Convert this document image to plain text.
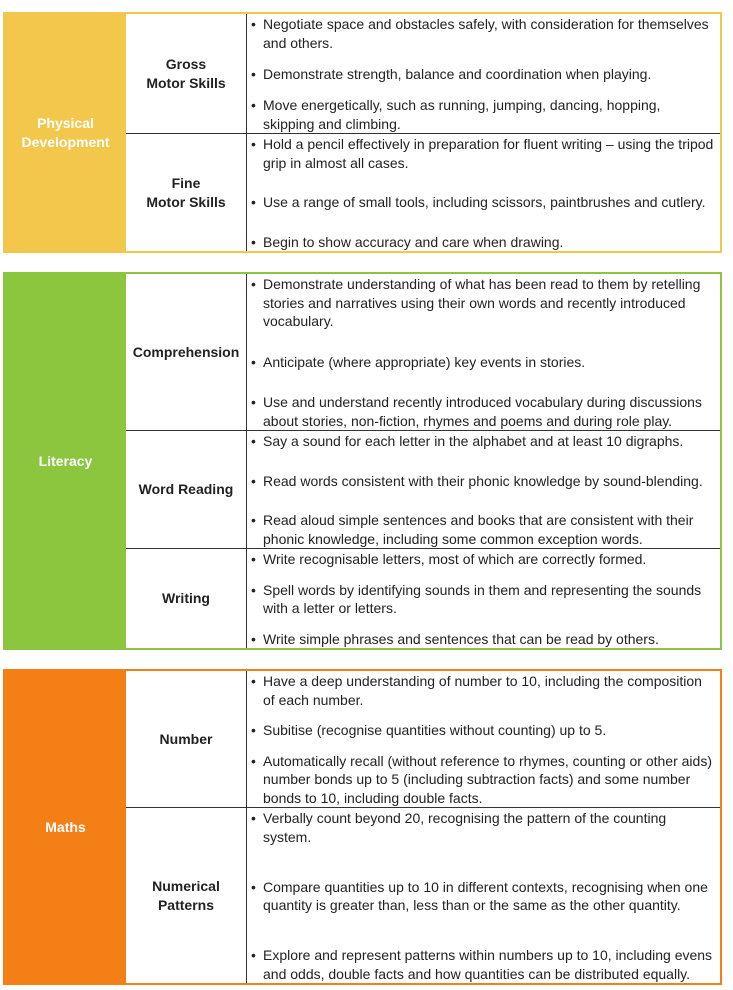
Physical
Development
Gross
Motor Skills
• Negotiate space and obstacles safely, with consideration for themselves and others.
• Demonstrate strength, balance and coordination when playing.
• Move energetically, such as running, jumping, dancing, hopping, skipping and climbing.
Fine
Motor Skills
• Hold a pencil effectively in preparation for fluent writing – using the tripod grip in almost all cases.
• Use a range of small tools, including scissors, paintbrushes and cutlery.
• Begin to show accuracy and care when drawing.
Literacy
Comprehension
• Demonstrate understanding of what has been read to them by retelling stories and narratives using their own words and recently introduced vocabulary.
• Anticipate (where appropriate) key events in stories.
• Use and understand recently introduced vocabulary during discussions about stories, non-fiction, rhymes and poems and during role play.
Word Reading
• Say a sound for each letter in the alphabet and at least 10 digraphs.
• Read words consistent with their phonic knowledge by sound-blending.
• Read aloud simple sentences and books that are consistent with their phonic knowledge, including some common exception words.
Writing
• Write recognisable letters, most of which are correctly formed.
• Spell words by identifying sounds in them and representing the sounds with a letter or letters.
• Write simple phrases and sentences that can be read by others.
Maths
Number
• Have a deep understanding of number to 10, including the composition of each number.
• Subitise (recognise quantities without counting) up to 5.
• Automatically recall (without reference to rhymes, counting or other aids) number bonds up to 5 (including subtraction facts) and some number bonds to 10, including double facts.
Numerical
Patterns
• Verbally count beyond 20, recognising the pattern of the counting system.
• Compare quantities up to 10 in different contexts, recognising when one quantity is greater than, less than or the same as the other quantity.
• Explore and represent patterns within numbers up to 10, including evens and odds, double facts and how quantities can be distributed equally.
